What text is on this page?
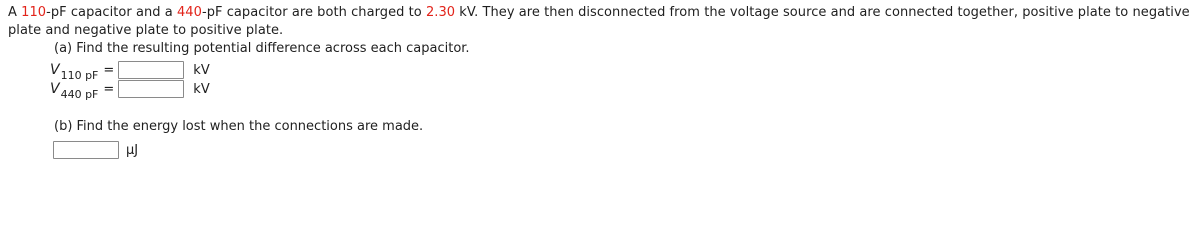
A 110-pF capacitor and a 440-pF capacitor are both charged to 2.30 kV. They are then disconnected from the voltage source and are connected together, positive plate to negative plate and negative plate to positive plate.
(a) Find the resulting potential difference across each capacitor.
V 110 pF =	kV
V 440 pF =	kV
(b) Find the energy lost when the connections are made.
µJ
